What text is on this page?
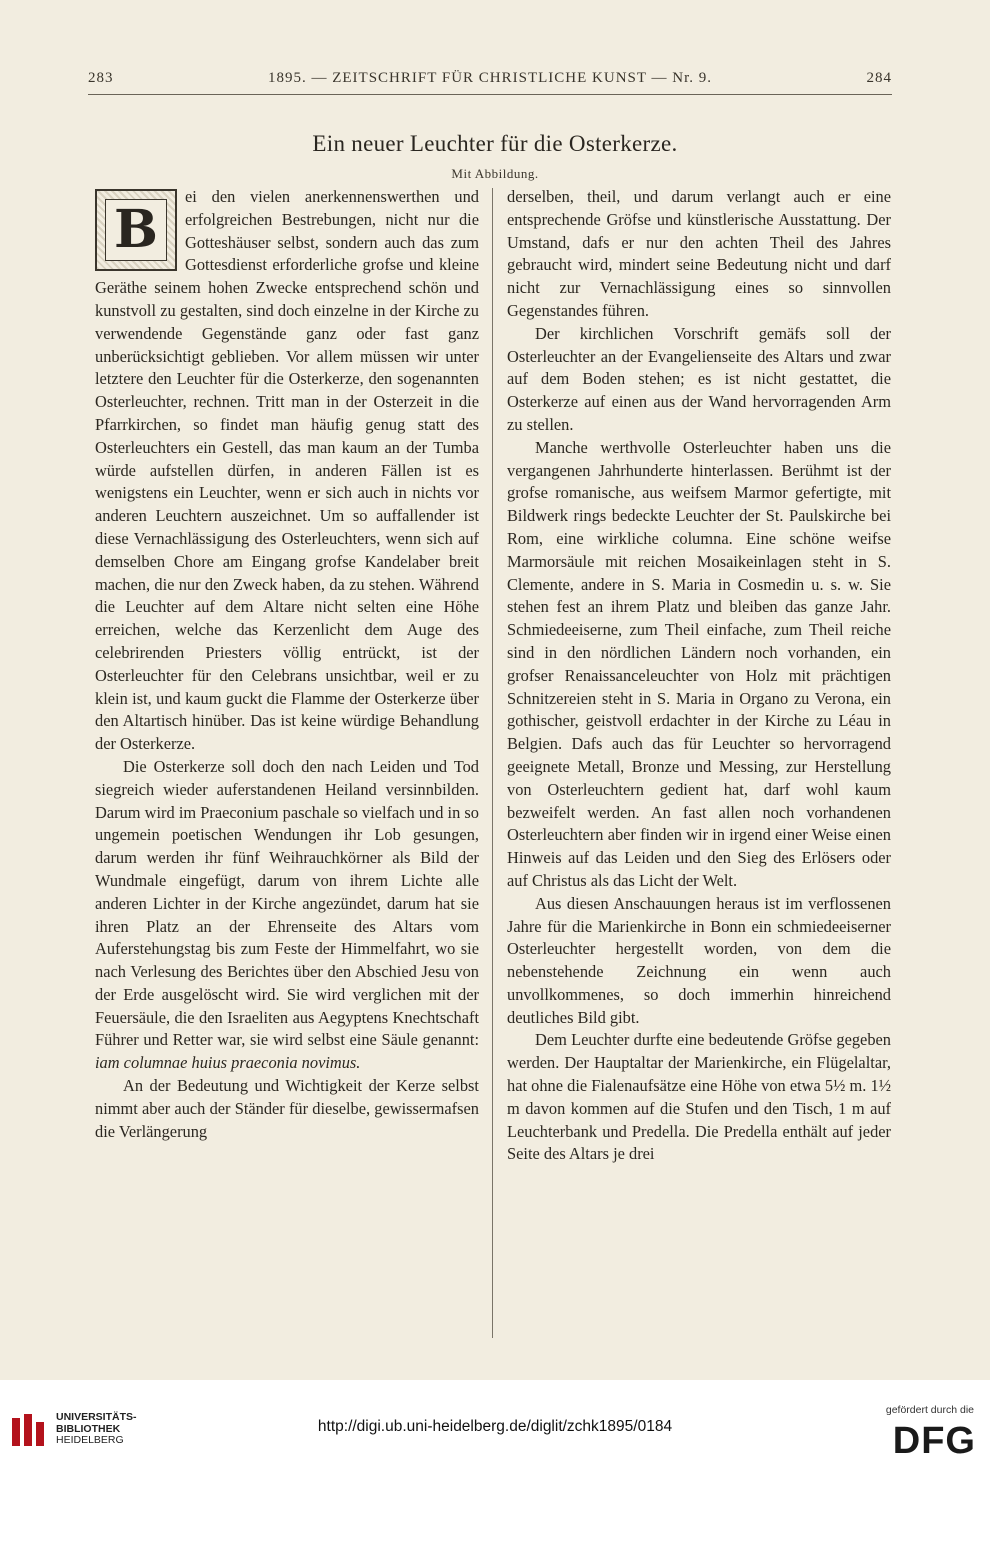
283	1895. — ZEITSCHRIFT FÜR CHRISTLICHE KUNST — Nr. 9.	284
Ein neuer Leuchter für die Osterkerze.
Mit Abbildung.
B

ei den vielen anerkennenswerthen und erfolgreichen Bestrebungen, nicht nur die Gotteshäuser selbst, sondern auch das zum Gottesdienst erforderliche grofse und kleine Geräthe seinem hohen Zwecke entsprechend schön und kunstvoll zu gestalten, sind doch einzelne in der Kirche zu verwendende Gegenstände ganz oder fast ganz unberücksichtigt geblieben. Vor allem müssen wir unter letztere den Leuchter für die Osterkerze, den sogenannten Osterleuchter, rechnen. Tritt man in der Osterzeit in die Pfarrkirchen, so findet man häufig genug statt des Osterleuchters ein Gestell, das man kaum an der Tumba würde aufstellen dürfen, in anderen Fällen ist es wenigstens ein Leuchter, wenn er sich auch in nichts vor anderen Leuchtern auszeichnet. Um so auffallender ist diese Vernachlässigung des Osterleuchters, wenn sich auf demselben Chore am Eingang grofse Kandelaber breit machen, die nur den Zweck haben, da zu stehen. Während die Leuchter auf dem Altare nicht selten eine Höhe erreichen, welche das Kerzenlicht dem Auge des celebrirenden Priesters völlig entrückt, ist der Osterleuchter für den Celebrans unsichtbar, weil er zu klein ist, und kaum guckt die Flamme der Osterkerze über den Altartisch hinüber. Das ist keine würdige Behandlung der Osterkerze.

Die Osterkerze soll doch den nach Leiden und Tod siegreich wieder auferstandenen Heiland versinnbilden. Darum wird im Praeconium paschale so vielfach und in so ungemein poetischen Wendungen ihr Lob gesungen, darum werden ihr fünf Weihrauchkörner als Bild der Wundmale eingefügt, darum von ihrem Lichte alle anderen Lichter in der Kirche angezündet, darum hat sie ihren Platz an der Ehrenseite des Altars vom Auferstehungstag bis zum Feste der Himmelfahrt, wo sie nach Verlesung des Berichtes über den Abschied Jesu von der Erde ausgelöscht wird. Sie wird verglichen mit der Feuersäule, die den Israeliten aus Aegyptens Knechtschaft Führer und Retter war, sie wird selbst eine Säule genannt: iam columnae huius praeconia novimus.

An der Bedeutung und Wichtigkeit der Kerze selbst nimmt aber auch der Ständer für dieselbe, gewissermafsen die Verlängerung

derselben, theil, und darum verlangt auch er eine entsprechende Gröfse und künstlerische Ausstattung. Der Umstand, dafs er nur den achten Theil des Jahres gebraucht wird, mindert seine Bedeutung nicht und darf nicht zur Vernachlässigung eines so sinnvollen Gegenstandes führen.

Der kirchlichen Vorschrift gemäfs soll der Osterleuchter an der Evangelienseite des Altars und zwar auf dem Boden stehen; es ist nicht gestattet, die Osterkerze auf einen aus der Wand hervorragenden Arm zu stellen.

Manche werthvolle Osterleuchter haben uns die vergangenen Jahrhunderte hinterlassen. Berühmt ist der grofse romanische, aus weifsem Marmor gefertigte, mit Bildwerk rings bedeckte Leuchter der St. Paulskirche bei Rom, eine wirkliche columna. Eine schöne weifse Marmorsäule mit reichen Mosaikeinlagen steht in S. Clemente, andere in S. Maria in Cosmedin u. s. w. Sie stehen fest an ihrem Platz und bleiben das ganze Jahr. Schmiedeeiserne, zum Theil einfache, zum Theil reiche sind in den nördlichen Ländern noch vorhanden, ein grofser Renaissanceleuchter von Holz mit prächtigen Schnitzereien steht in S. Maria in Organo zu Verona, ein gothischer, geistvoll erdachter in der Kirche zu Léau in Belgien. Dafs auch das für Leuchter so hervorragend geeignete Metall, Bronze und Messing, zur Herstellung von Osterleuchtern gedient hat, darf wohl kaum bezweifelt werden. An fast allen noch vorhandenen Osterleuchtern aber finden wir in irgend einer Weise einen Hinweis auf das Leiden und den Sieg des Erlösers oder auf Christus als das Licht der Welt.

Aus diesen Anschauungen heraus ist im verflossenen Jahre für die Marienkirche in Bonn ein schmiedeeiserner Osterleuchter hergestellt worden, von dem die nebenstehende Zeichnung ein wenn auch unvollkommenes, so doch immerhin hinreichend deutliches Bild gibt.

Dem Leuchter durfte eine bedeutende Gröfse gegeben werden. Der Hauptaltar der Marienkirche, ein Flügelaltar, hat ohne die Fialenaufsätze eine Höhe von etwa 5½ m. 1½ m davon kommen auf die Stufen und den Tisch, 1 m auf Leuchterbank und Predella. Die Predella enthält auf jeder Seite des Altars je drei

UNIVERSITÄTS-
BIBLIOTHEK
HEIDELBERG
http://digi.ub.uni-heidelberg.de/diglit/zchk1895/0184
gefördert durch die
DFG
